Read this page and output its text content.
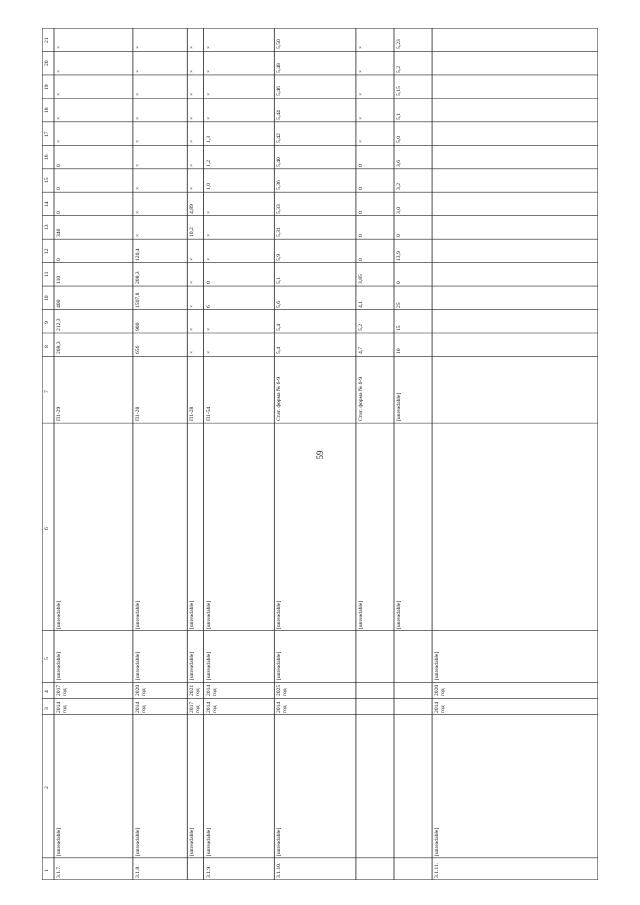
59
1
2
3
4
5
6
7
8
9
10
11
12
13
14
15
16
17
18
19
20
21
3.1.7.
[unreadable]
2014 год
2017 год
[unreadable]
[unreadable]
П1-29
208,3
212,3
400
110
0
346
0
0
0
×
×
×
×
×
3.1.8.
[unreadable]
2014 год
2020 год
[unreadable]
[unreadable]
П1-28
656
900
1507,8
208,3
120,4
×
×
×
×
×
×
×
×
×
[unreadable]
2017 год
2021 год
[unreadable]
[unreadable]
П1-28
×
×
×
×
×
10,2
4,89
×
×
×
×
×
×
×
3.1.9.
[unreadable]
2014 год
2014 год
[unreadable]
[unreadable]
П1-54
×
×
6
0
×
×
×
1,0
1,2
1,3
×
×
×
×
3.1.10.
[unreadable]
2014 год
2025 год
[unreadable]
[unreadable]
Стат. форма № 6-9
5,4
5,4
5,6
5,1
5,9
5,31
5,33
5,36
5,40
5,42
5,44
5,46
5,48
5,50
[unreadable]
Стат. форма № 6-9
4,7
5,2
4,1
3,85
0
0
0
0
0
×
×
×
×
×
[unreadable]
[unreadable]
10
15
25
0
13,9
0
3,0
3,2
3,6
5,0
5,1
5,15
5,2
5,23
3.1.11.
[unreadable]
2014 год
2020 год
[unreadable]
